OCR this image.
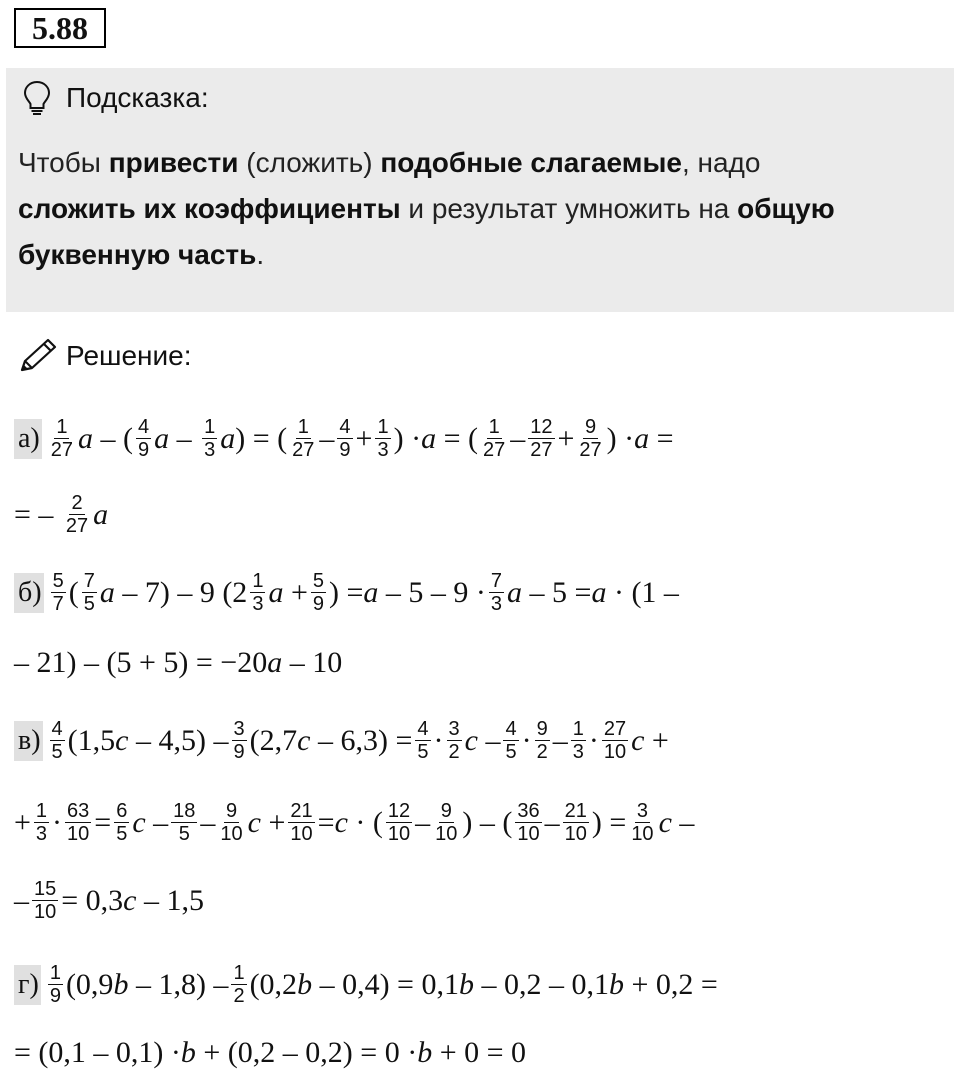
5.88
Подсказка:
Чтобы привести (сложить) подобные слагаемые, надо
сложить их коэффициенты и результат умножить на общую
буквенную часть.
Решение:
а) 1
27 a – ( 4
9 a – 1
3 a ) = ( 1
27 – 4
9 + 1
3 ) · a = ( 1
27 – 12
27 + 9
27 ) · a =
= – 2
27 a
б) 5
7 ( 7
5 a – 7) – 9 (2 1
3 a + 5
9 ) = a – 5 – 9 · 7
3 a – 5 = a · (1 –
– 21) – (5 + 5) = −20 a – 10
в) 4
5 (1,5 c – 4,5) – 3
9 (2,7 c – 6,3) = 4
5 · 3
2 c – 4
5 · 9
2 – 1
3 · 27
10 c +
+ 1
3 · 63
10 = 6
5 c – 18
5 – 9
10 c + 21
10 = c · ( 12
10 – 9
10 ) – ( 36
10 – 21
10 ) = 3
10 c –
– 15
10 = 0,3 c – 1,5
г) 1
9 (0,9 b – 1,8) – 1
2 (0,2 b – 0,4) = 0,1 b – 0,2 – 0,1 b + 0,2 =
= (0,1 – 0,1) · b + (0,2 – 0,2) = 0 · b + 0 = 0
